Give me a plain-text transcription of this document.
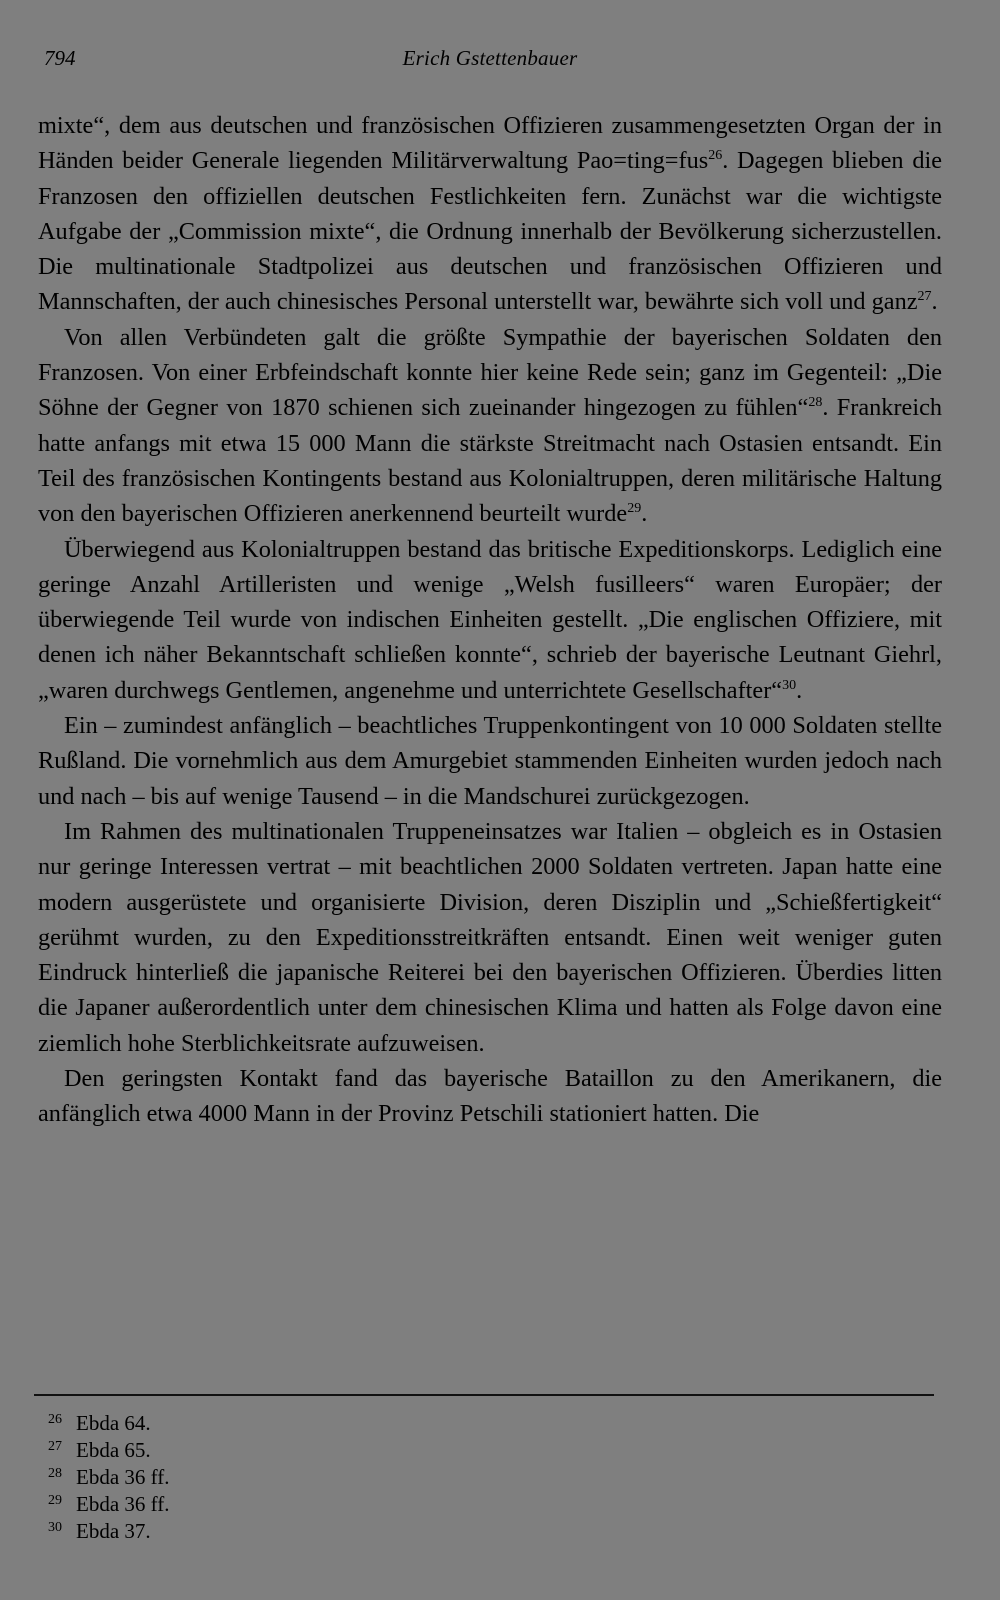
794	Erich Gstettenbauer

mixte“, dem aus deutschen und französischen Offizieren zusammengesetzten Organ der in Händen beider Generale liegenden Militärverwaltung Pao=ting=fus$^{26}$. Dagegen blieben die Franzosen den offiziellen deutschen Festlichkeiten fern. Zunächst war die wichtigste Aufgabe der „Commission mixte“, die Ordnung innerhalb der Bevölkerung sicherzustellen. Die multinationale Stadtpolizei aus deutschen und französischen Offizieren und Mannschaften, der auch chinesisches Personal unterstellt war, bewährte sich voll und ganz$^{27}$.

Von allen Verbündeten galt die größte Sympathie der bayerischen Soldaten den Franzosen. Von einer Erbfeindschaft konnte hier keine Rede sein; ganz im Gegenteil: „Die Söhne der Gegner von 1870 schienen sich zueinander hingezogen zu fühlen“$^{28}$. Frankreich hatte anfangs mit etwa 15 000 Mann die stärkste Streitmacht nach Ostasien entsandt. Ein Teil des französischen Kontingents bestand aus Kolonialtruppen, deren militärische Haltung von den bayerischen Offizieren anerkennend beurteilt wurde$^{29}$.

Überwiegend aus Kolonialtruppen bestand das britische Expeditionskorps. Lediglich eine geringe Anzahl Artilleristen und wenige „Welsh fusilleers“ waren Europäer; der überwiegende Teil wurde von indischen Einheiten gestellt. „Die englischen Offiziere, mit denen ich näher Bekanntschaft schließen konnte“, schrieb der bayerische Leutnant Giehrl, „waren durchwegs Gentlemen, angenehme und unterrichtete Gesellschafter“$^{30}$.

Ein – zumindest anfänglich – beachtliches Truppenkontingent von 10 000 Soldaten stellte Rußland. Die vornehmlich aus dem Amurgebiet stammenden Einheiten wurden jedoch nach und nach – bis auf wenige Tausend – in die Mandschurei zurückgezogen.

Im Rahmen des multinationalen Truppeneinsatzes war Italien – obgleich es in Ostasien nur geringe Interessen vertrat – mit beachtlichen 2000 Soldaten vertreten. Japan hatte eine modern ausgerüstete und organisierte Division, deren Disziplin und „Schießfertigkeit“ gerühmt wurden, zu den Expeditionsstreitkräften entsandt. Einen weit weniger guten Eindruck hinterließ die japanische Reiterei bei den bayerischen Offizieren. Überdies litten die Japaner außerordentlich unter dem chinesischen Klima und hatten als Folge davon eine ziemlich hohe Sterblichkeitsrate aufzuweisen.

Den geringsten Kontakt fand das bayerische Bataillon zu den Amerikanern, die anfänglich etwa 4000 Mann in der Provinz Petschili stationiert hatten. Die

26 Ebda 64.
27 Ebda 65.
28 Ebda 36 ff.
29 Ebda 36 ff.
30 Ebda 37.
